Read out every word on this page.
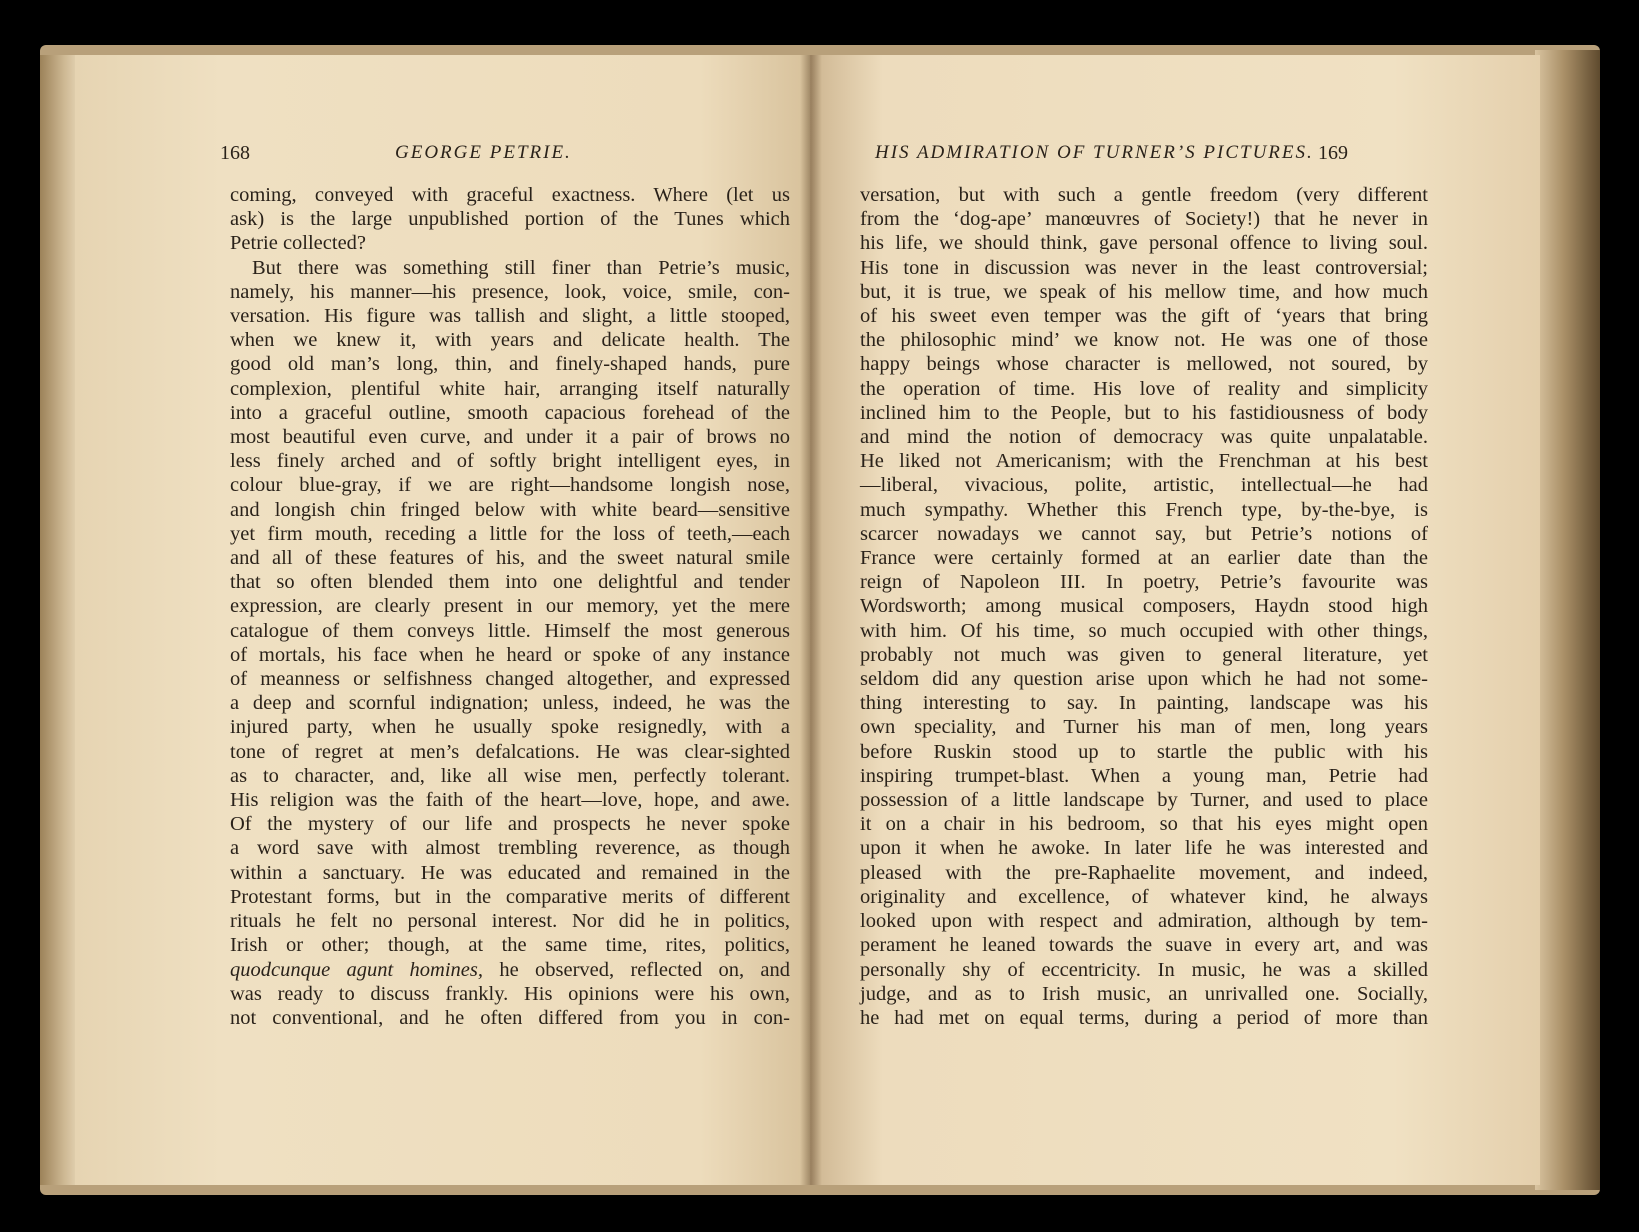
168	GEORGE PETRIE.
coming, conveyed with graceful exactness. Where (let us
ask) is the large unpublished portion of the Tunes which
Petrie collected?
But there was something still finer than Petrie’s music,
namely, his manner—his presence, look, voice, smile, con-
versation. His figure was tallish and slight, a little stooped,
when we knew it, with years and delicate health. The
good old man’s long, thin, and finely-shaped hands, pure
complexion, plentiful white hair, arranging itself naturally
into a graceful outline, smooth capacious forehead of the
most beautiful even curve, and under it a pair of brows no
less finely arched and of softly bright intelligent eyes, in
colour blue-gray, if we are right—handsome longish nose,
and longish chin fringed below with white beard—sensitive
yet firm mouth, receding a little for the loss of teeth,—each
and all of these features of his, and the sweet natural smile
that so often blended them into one delightful and tender
expression, are clearly present in our memory, yet the mere
catalogue of them conveys little. Himself the most generous
of mortals, his face when he heard or spoke of any instance
of meanness or selfishness changed altogether, and expressed
a deep and scornful indignation; unless, indeed, he was the
injured party, when he usually spoke resignedly, with a
tone of regret at men’s defalcations. He was clear-sighted
as to character, and, like all wise men, perfectly tolerant.
His religion was the faith of the heart—love, hope, and awe.
Of the mystery of our life and prospects he never spoke
a word save with almost trembling reverence, as though
within a sanctuary. He was educated and remained in the
Protestant forms, but in the comparative merits of different
rituals he felt no personal interest. Nor did he in politics,
Irish or other; though, at the same time, rites, politics,
quodcunque agunt homines, he observed, reflected on, and
was ready to discuss frankly. His opinions were his own,
not conventional, and he often differed from you in con-
HIS ADMIRATION OF TURNER’S PICTURES. 169
versation, but with such a gentle freedom (very different
from the ‘dog-ape’ manœuvres of Society!) that he never in
his life, we should think, gave personal offence to living soul.
His tone in discussion was never in the least controversial;
but, it is true, we speak of his mellow time, and how much
of his sweet even temper was the gift of ‘years that bring
the philosophic mind’ we know not. He was one of those
happy beings whose character is mellowed, not soured, by
the operation of time. His love of reality and simplicity
inclined him to the People, but to his fastidiousness of body
and mind the notion of democracy was quite unpalatable.
He liked not Americanism; with the Frenchman at his best
—liberal, vivacious, polite, artistic, intellectual—he had
much sympathy. Whether this French type, by-the-bye, is
scarcer nowadays we cannot say, but Petrie’s notions of
France were certainly formed at an earlier date than the
reign of Napoleon III. In poetry, Petrie’s favourite was
Wordsworth; among musical composers, Haydn stood high
with him. Of his time, so much occupied with other things,
probably not much was given to general literature, yet
seldom did any question arise upon which he had not some-
thing interesting to say. In painting, landscape was his
own speciality, and Turner his man of men, long years
before Ruskin stood up to startle the public with his
inspiring trumpet-blast. When a young man, Petrie had
possession of a little landscape by Turner, and used to place
it on a chair in his bedroom, so that his eyes might open
upon it when he awoke. In later life he was interested and
pleased with the pre-Raphaelite movement, and indeed,
originality and excellence, of whatever kind, he always
looked upon with respect and admiration, although by tem-
perament he leaned towards the suave in every art, and was
personally shy of eccentricity. In music, he was a skilled
judge, and as to Irish music, an unrivalled one. Socially,
he had met on equal terms, during a period of more than
